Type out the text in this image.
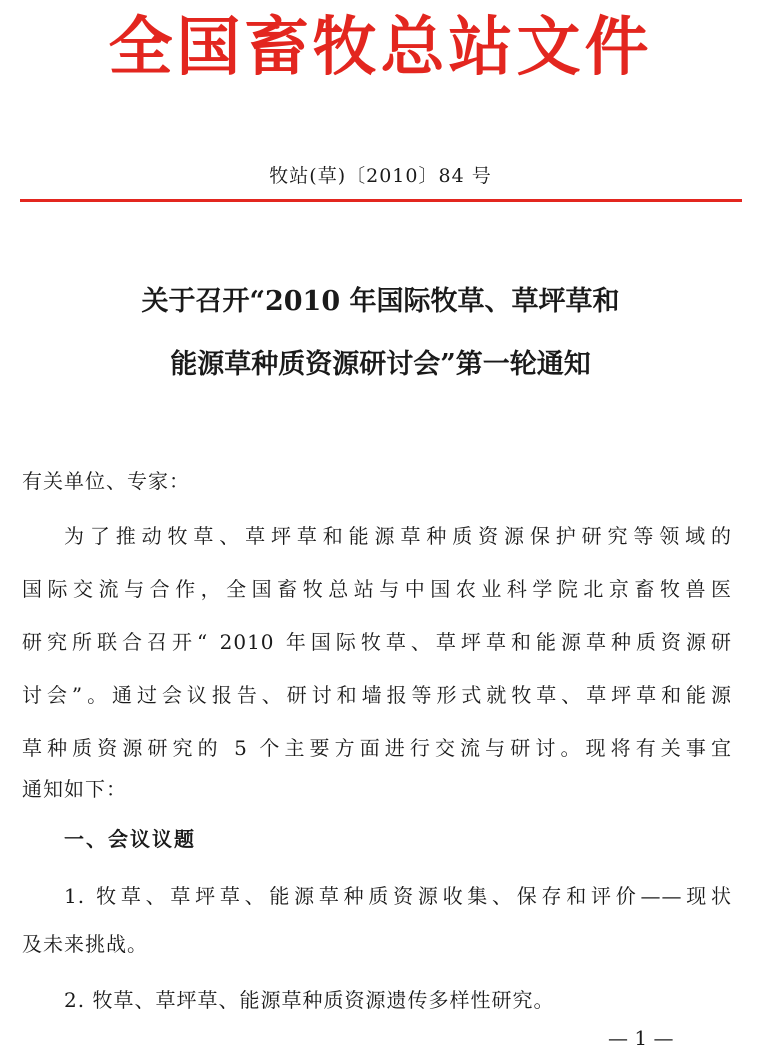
全国畜牧总站文件
牧站(草)〔2010〕84 号
关于召开“2010 年国际牧草、草坪草和
能源草种质资源研讨会”第一轮通知
有关单位、专家：
为了推动牧草、草坪草和能源草种质资源保护研究等领域的
国际交流与合作，全国畜牧总站与中国农业科学院北京畜牧兽医
研究所联合召开“ 2010 年国际牧草、草坪草和能源草种质资源研
讨会”。通过会议报告、研讨和墙报等形式就牧草、草坪草和能源
草种质资源研究的 5 个主要方面进行交流与研讨。现将有关事宜
通知如下：
一、会议议题
1. 牧草、草坪草、能源草种质资源收集、保存和评价——现状
及未来挑战。
2. 牧草、草坪草、能源草种质资源遗传多样性研究。
— 1 —
